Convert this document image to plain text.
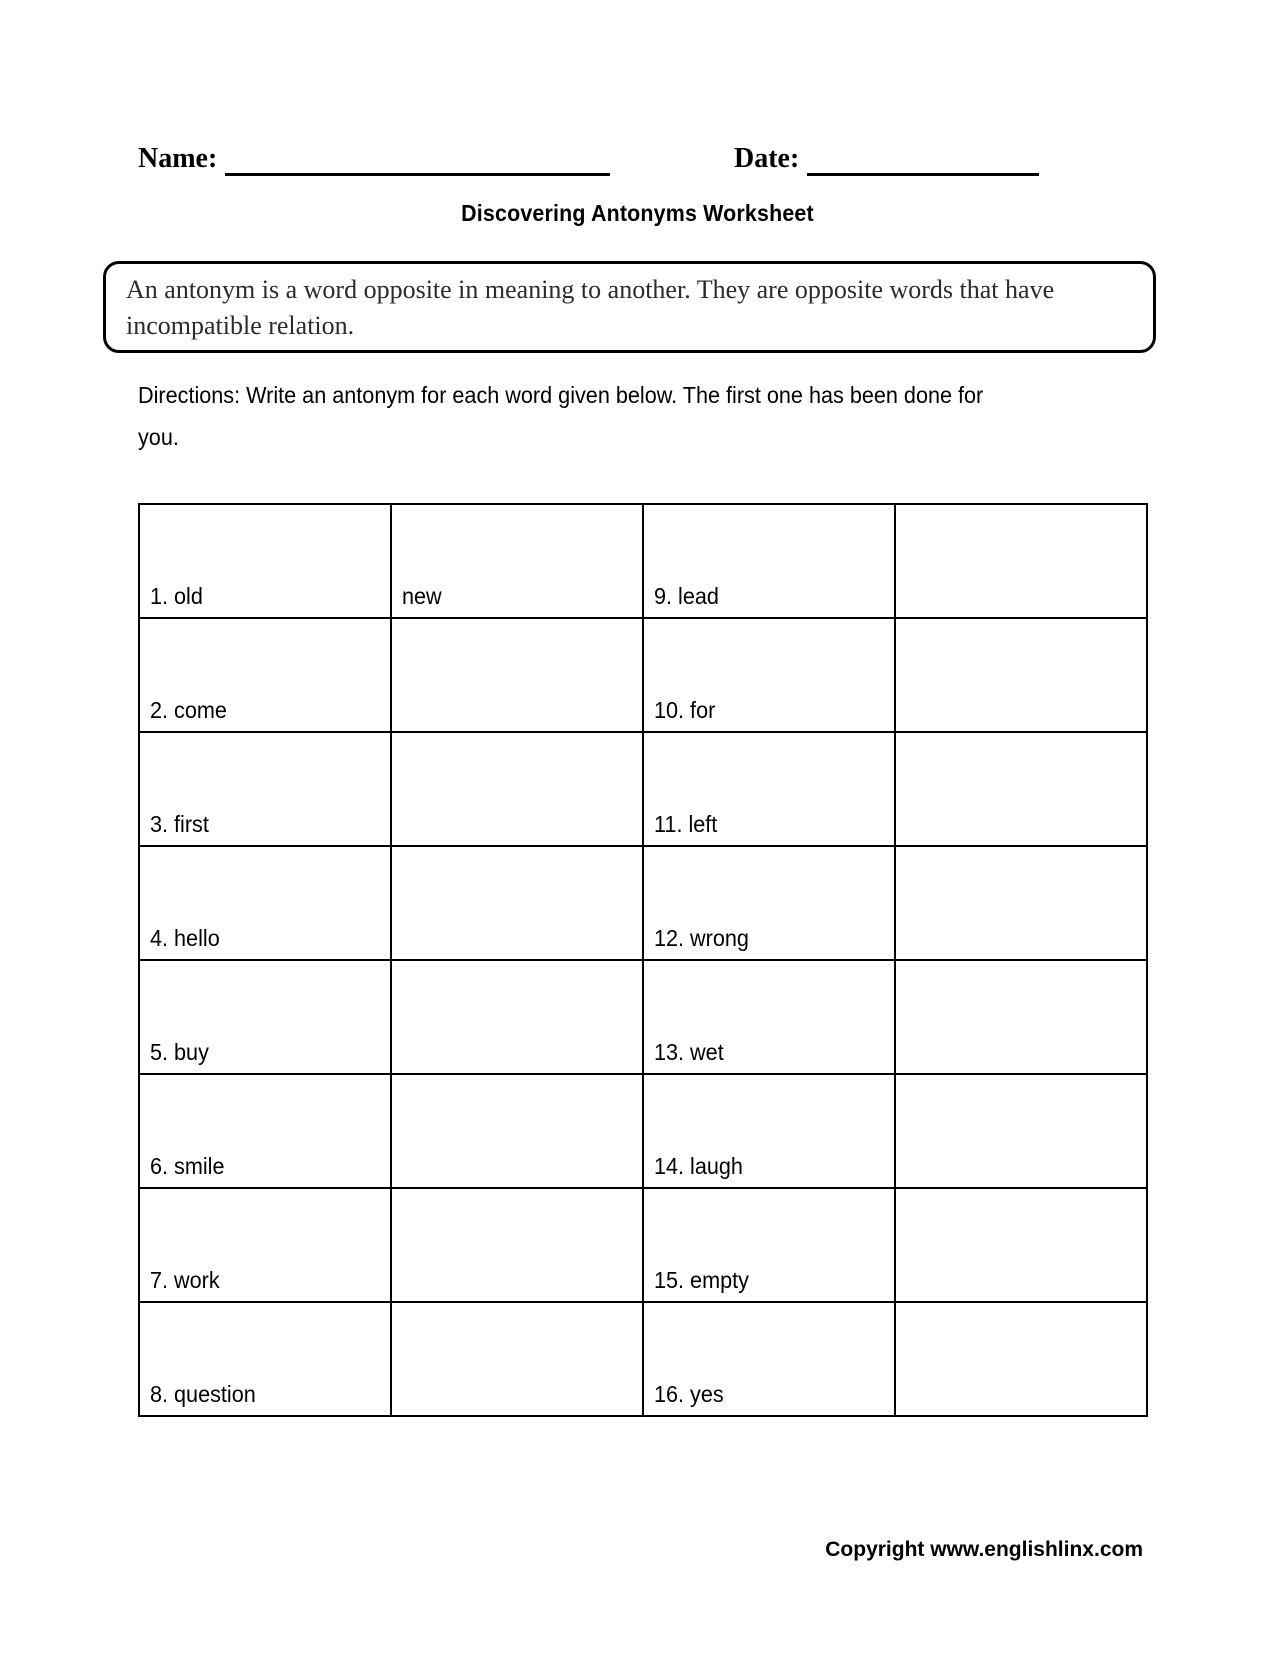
Name:	Date:
Discovering Antonyms Worksheet
An antonym is a word opposite in meaning to another. They are opposite words that have incompatible relation.
Directions: Write an antonym for each word given below. The first one has been done for you.
1. old	new	9. lead	
2. come		10. for	
3. first		11. left	
4. hello		12. wrong	
5. buy		13. wet	
6. smile		14. laugh	
7. work		15. empty	
8. question		16. yes	
Copyright www.englishlinx.com
